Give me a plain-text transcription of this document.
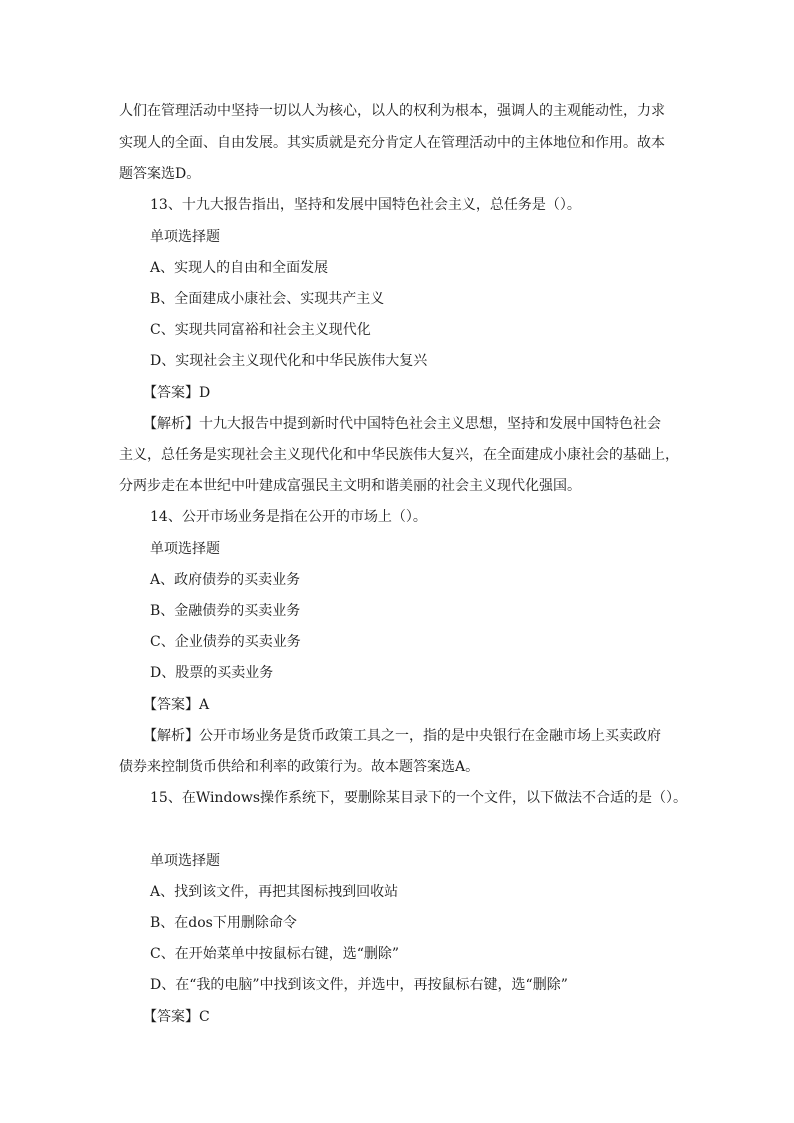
人们在管理活动中坚持一切以人为核心，以人的权利为根本，强调人的主观能动性，力求
实现人的全面、自由发展。其实质就是充分肯定人在管理活动中的主体地位和作用。故本
题答案选D。
13、十九大报告指出，坚持和发展中国特色社会主义，总任务是（）。
单项选择题
A、实现人的自由和全面发展
B、全面建成小康社会、实现共产主义
C、实现共同富裕和社会主义现代化
D、实现社会主义现代化和中华民族伟大复兴
【答案】D
【解析】十九大报告中提到新时代中国特色社会主义思想，坚持和发展中国特色社会
主义，总任务是实现社会主义现代化和中华民族伟大复兴，在全面建成小康社会的基础上，
分两步走在本世纪中叶建成富强民主文明和谐美丽的社会主义现代化强国。
14、公开市场业务是指在公开的市场上（）。
单项选择题
A、政府债券的买卖业务
B、金融债券的买卖业务
C、企业债券的买卖业务
D、股票的买卖业务
【答案】A
【解析】公开市场业务是货币政策工具之一，指的是中央银行在金融市场上买卖政府
债券来控制货币供给和利率的政策行为。故本题答案选A。
15、在Windows操作系统下，要删除某目录下的一个文件，以下做法不合适的是（）。
单项选择题
A、找到该文件，再把其图标拽到回收站
B、在dos下用删除命令
C、在开始菜单中按鼠标右键，选“删除”
D、在“我的电脑”中找到该文件，并选中，再按鼠标右键，选“删除”
【答案】C
